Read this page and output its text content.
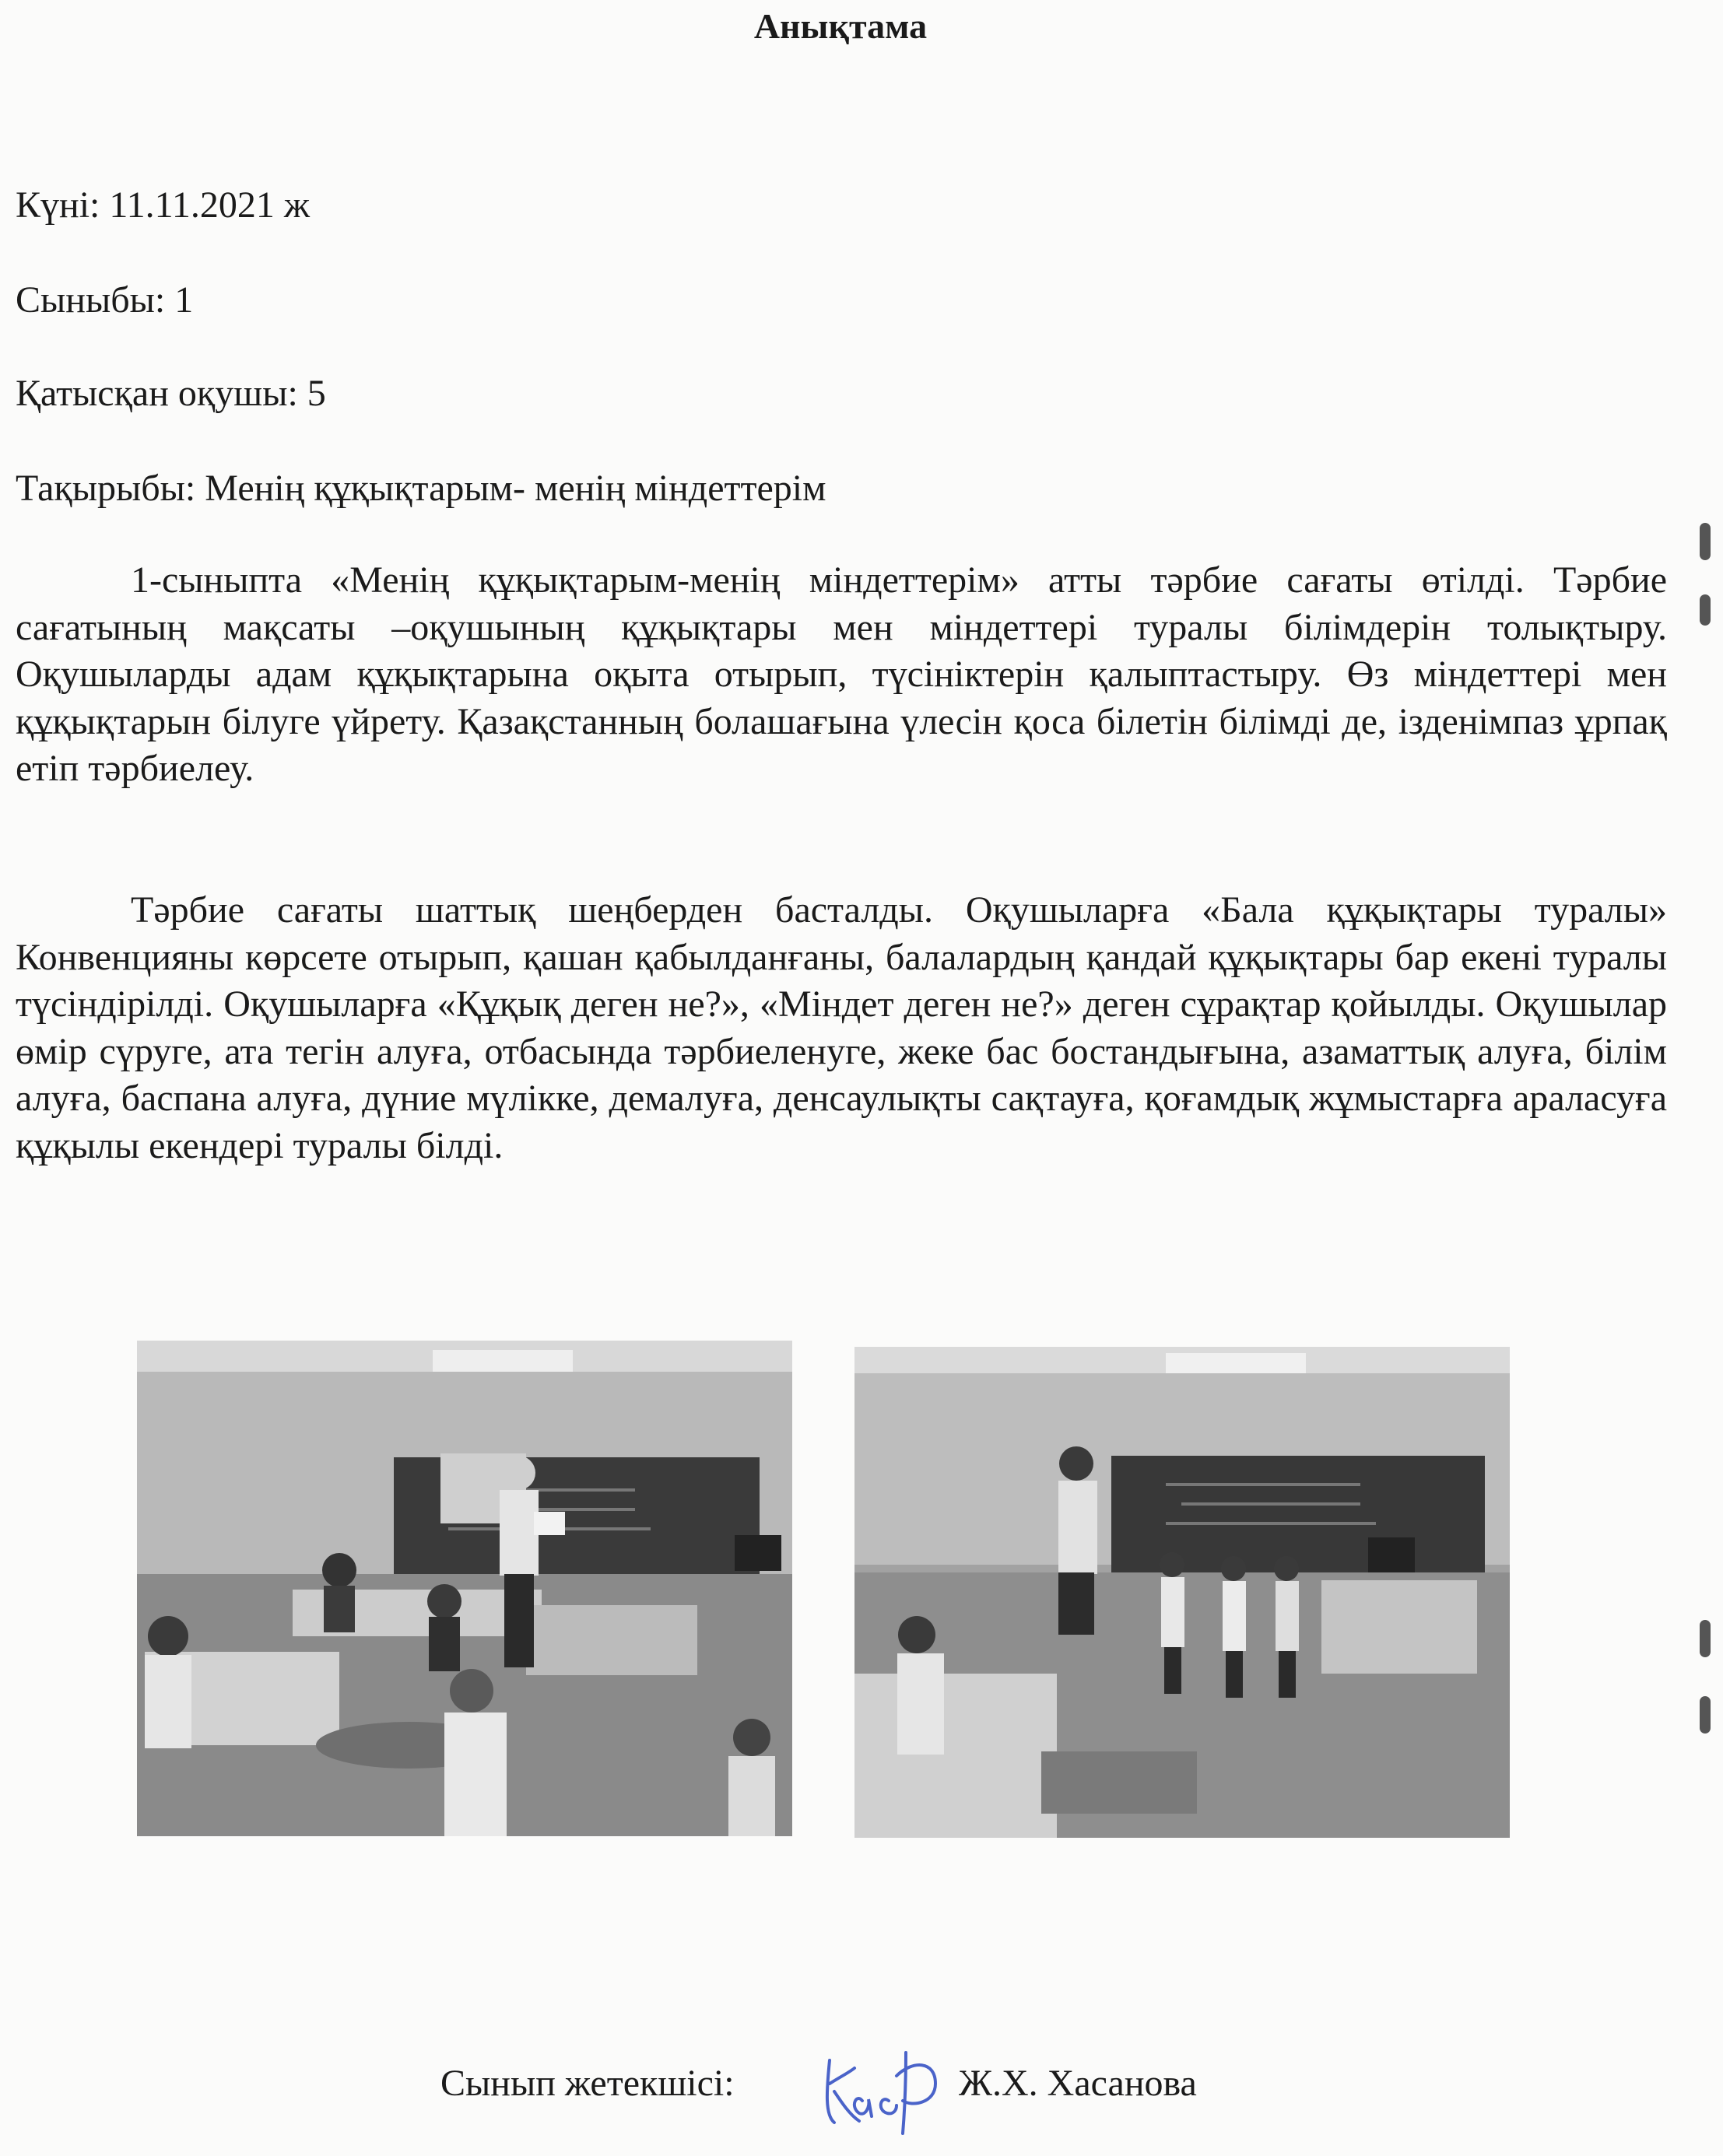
Анықтама
Күні: 11.11.2021 ж
Сыныбы: 1
Қатысқан оқушы: 5
Тақырыбы: Менің құқықтарым- менің міндеттерім

1-сыныпта «Менің құқықтарым-менің міндеттерім» атты тәрбие сағаты өтілді. Тәрбие сағатының мақсаты –оқушының құқықтары мен міндеттері туралы білімдерін толықтыру. Оқушыларды адам құқықтарына оқыта отырып, түсініктерін қалыптастыру. Өз міндеттері мен құқықтарын білуге үйрету. Қазақстанның болашағына үлесін қоса білетін білімді де, ізденімпаз ұрпақ етіп тәрбиелеу.

Тәрбие сағаты шаттық шеңберден басталды. Оқушыларға «Бала құқықтары туралы» Конвенцияны көрсете отырып, қашан қабылданғаны, балалардың қандай құқықтары бар екені туралы түсіндірілді. Оқушыларға «Құқық деген не?», «Міндет деген не?» деген сұрақтар қойылды. Оқушылар өмір сүруге, ата тегін алуға, отбасында тәрбиеленуге, жеке бас бостандығына, азаматтық алуға, білім алуға, баспана алуға, дүние мүлікке, демалуға, денсаулықты сақтауға, қоғамдық жұмыстарға араласуға құқылы екендері туралы білді.

Сынып жетекшісі:	Ж.Х. Хасанова
